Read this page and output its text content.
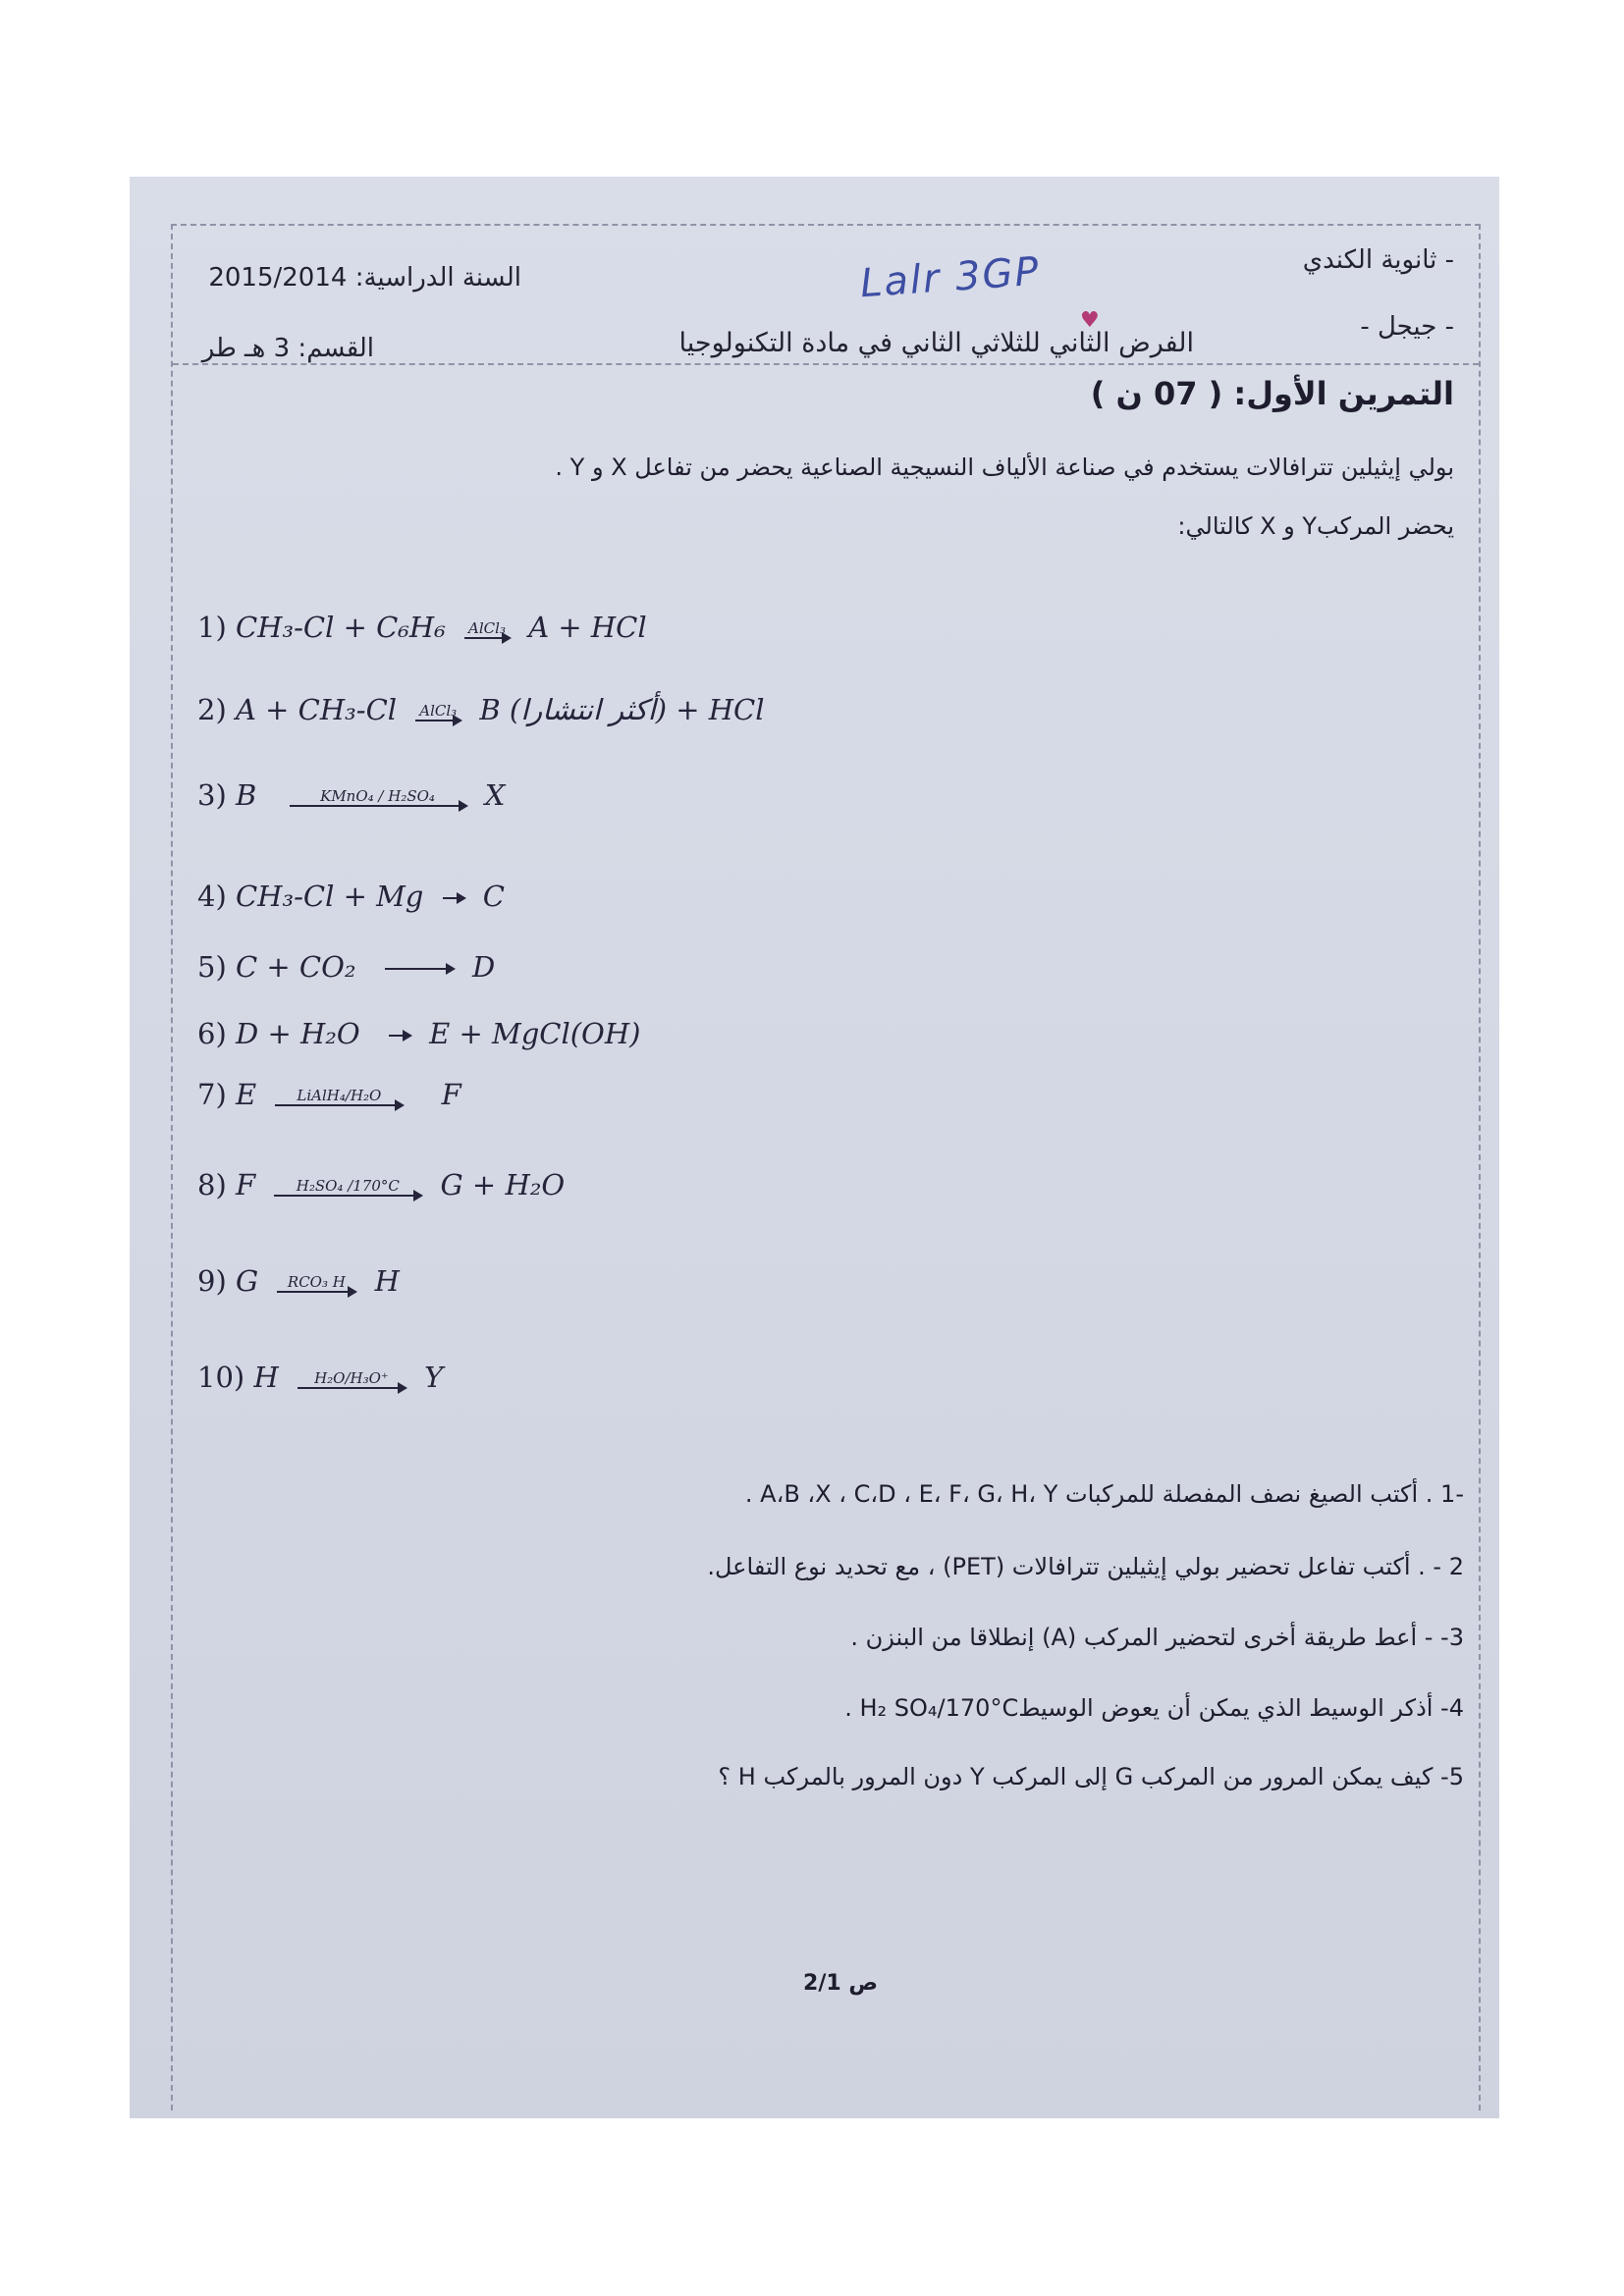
- ثانوية الكندي
- جيجل -
السنة الدراسية: 2015/2014
القسم: 3 هـ طر
Lalr 3GP
♥
الفرض الثاني للثلاثي الثاني في مادة التكنولوجيا
التمرين الأول: ( 07 ن )
بولي إيثيلين تترافالات يستخدم في صناعة الألياف النسيجية الصناعية يحضر من تفاعل X و Y .
يحضر المركبY و X كالتالي:
1) CH₃-Cl + C₆H₆ AlCl₃ A + HCl
2) A + CH₃-Cl AlCl₃ B (أكثر انتشارا) + HCl
3) B	KMnO₄ / H₂SO₄	X
4) CH₃-Cl + Mg → C
5) C + CO₂ → D
6) D + H₂O → E + MgCl(OH)
7) E	LiAlH₄/H₂O	F
8) F	H₂SO₄ /170°C	G + H₂O
9) G	RCO₃ H	H
10) H	H₂O/H₃O⁺	Y
-1 . أكتب الصيغ نصف المفصلة للمركبات A،B ،X ، C،D ، E، F، G، H، Y .
2 - . أكتب تفاعل تحضير بولي إيثيلين تترافالات (PET) ، مع تحديد نوع التفاعل.
3- - أعط طريقة أخرى لتحضير المركب (A) إنطلاقا من البنزن .
4- أذكر الوسيط الذي يمكن أن يعوض الوسيطH₂ SO₄/170°C .
5- كيف يمكن المرور من المركب G إلى المركب Y دون المرور بالمركب H ؟
ص 2/1
